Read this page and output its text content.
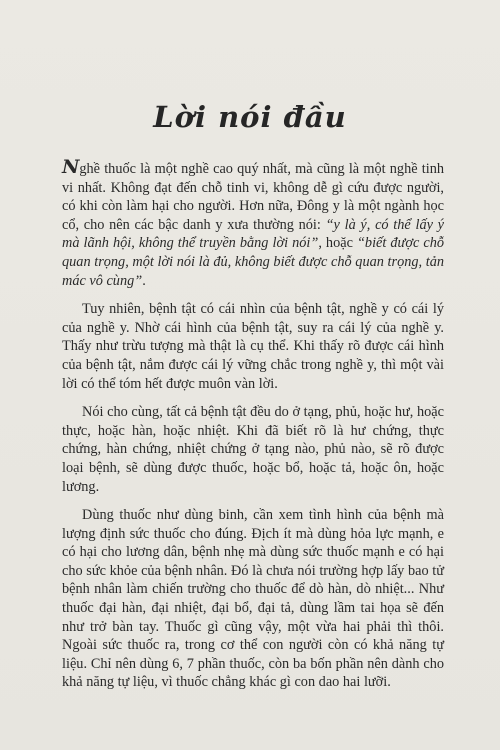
Lời nói đầu

Nghề thuốc là một nghề cao quý nhất, mà cũng là một nghề tinh vi nhất. Không đạt đến chỗ tinh vi, không dễ gì cứu được người, có khi còn làm hại cho người. Hơn nữa, Đông y là một ngành học cổ, cho nên các bậc danh y xưa thường nói: “y là ý, có thể lấy ý mà lãnh hội, không thể truyền bằng lời nói”, hoặc “biết được chỗ quan trọng, một lời nói là đủ, không biết được chỗ quan trọng, tản mác vô cùng”.

Tuy nhiên, bệnh tật có cái nhìn của bệnh tật, nghề y có cái lý của nghề y. Nhờ cái hình của bệnh tật, suy ra cái lý của nghề y. Thấy như trừu tượng mà thật là cụ thể. Khi thấy rõ được cái hình của bệnh tật, nắm được cái lý vững chắc trong nghề y, thì một vài lời có thể tóm hết được muôn vàn lời.

Nói cho cùng, tất cả bệnh tật đều do ở tạng, phủ, hoặc hư, hoặc thực, hoặc hàn, hoặc nhiệt. Khi đã biết rõ là hư chứng, thực chứng, hàn chứng, nhiệt chứng ở tạng nào, phủ nào, sẽ rõ được loại bệnh, sẽ dùng được thuốc, hoặc bổ, hoặc tả, hoặc ôn, hoặc lương.

Dùng thuốc như dùng binh, cần xem tình hình của bệnh mà lượng định sức thuốc cho đúng. Địch ít mà dùng hỏa lực mạnh, e có hại cho lương dân, bệnh nhẹ mà dùng sức thuốc mạnh e có hại cho sức khỏe của bệnh nhân. Đó là chưa nói trường hợp lấy bao tử bệnh nhân làm chiến trường cho thuốc để dò hàn, dò nhiệt... Như thuốc đại hàn, đại nhiệt, đại bổ, đại tả, dùng lầm tai họa sẽ đến như trở bàn tay. Thuốc gì cũng vậy, một vừa hai phải thì thôi. Ngoài sức thuốc ra, trong cơ thể con người còn có khả năng tự liệu. Chỉ nên dùng 6, 7 phần thuốc, còn ba bốn phần nên dành cho khả năng tự liệu, vì thuốc chẳng khác gì con dao hai lưỡi.
